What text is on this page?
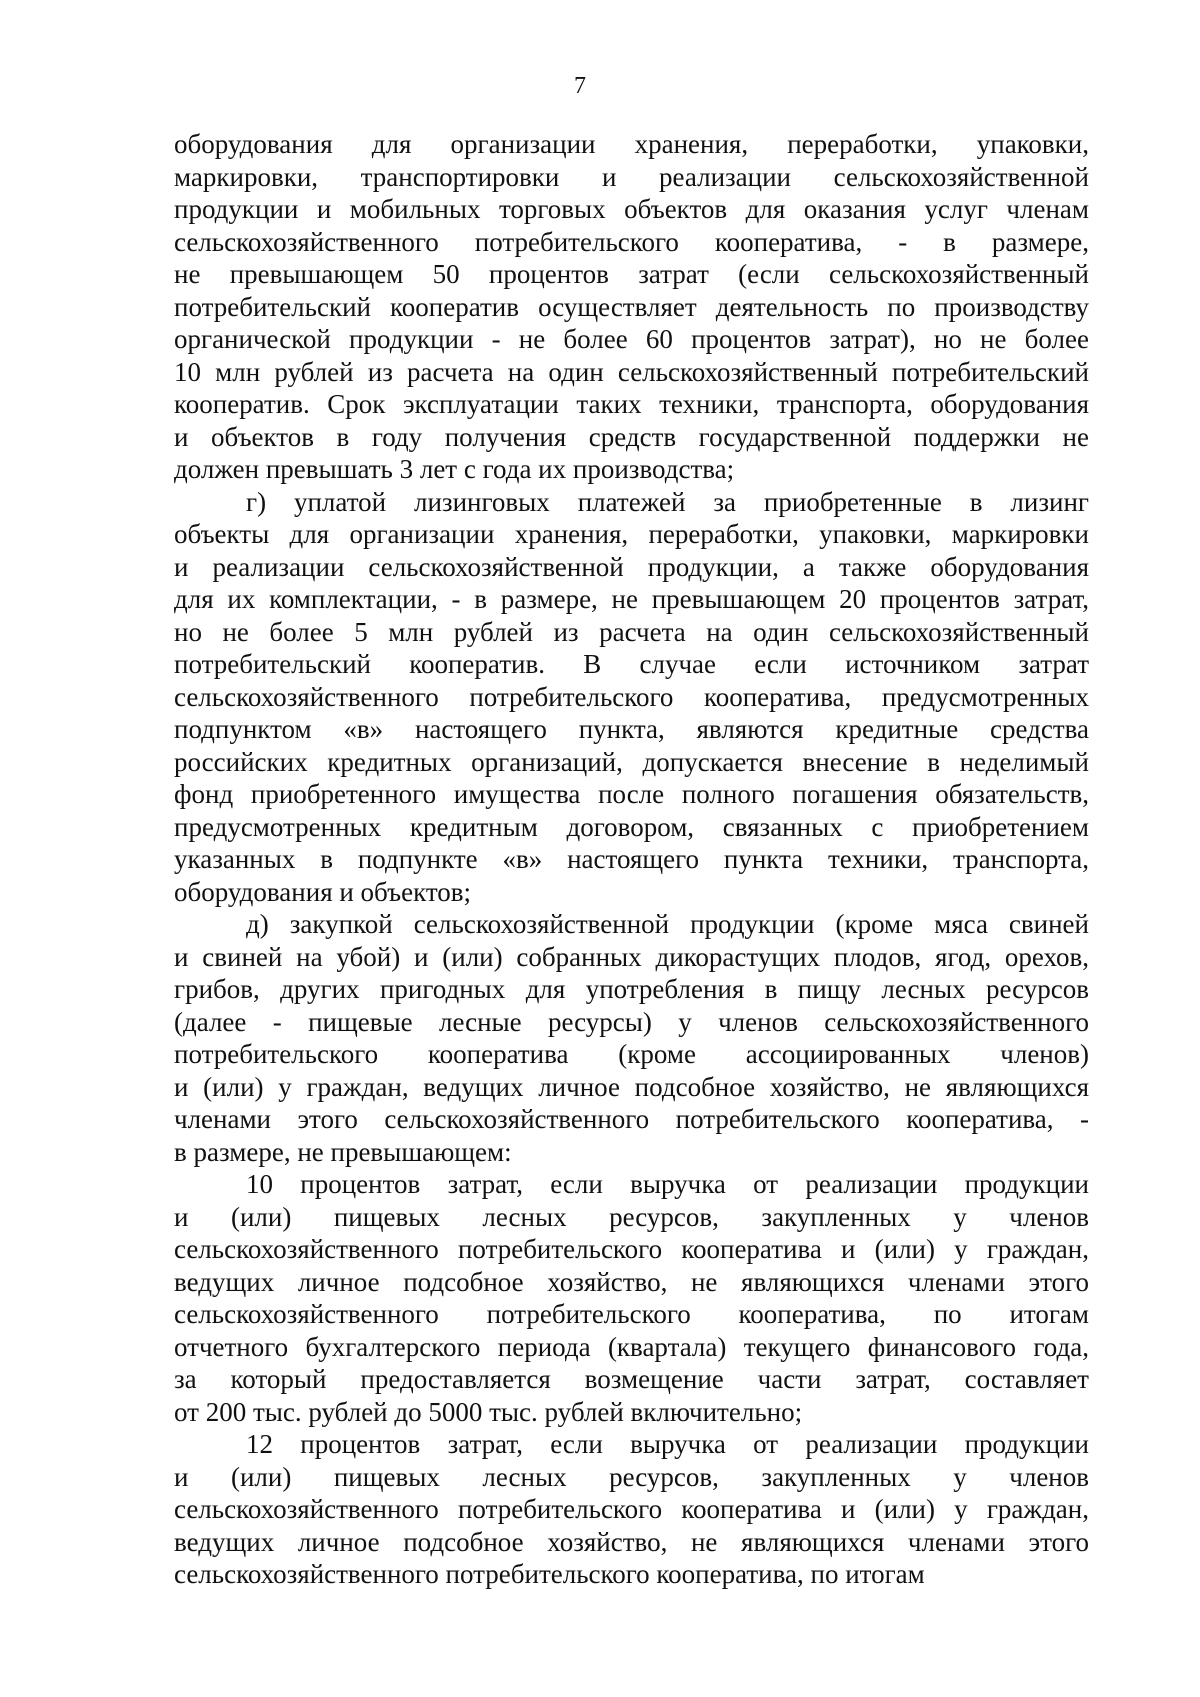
7
оборудования для организации хранения, переработки, упаковки,
маркировки, транспортировки и реализации сельскохозяйственной
продукции и мобильных торговых объектов для оказания услуг членам
сельскохозяйственного потребительского кооператива, - в размере,
не превышающем 50 процентов затрат (если сельскохозяйственный
потребительский кооператив осуществляет деятельность по производству
органической продукции - не более 60 процентов затрат), но не более
10 млн рублей из расчета на один сельскохозяйственный потребительский
кооператив. Срок эксплуатации таких техники, транспорта, оборудования
и объектов в году получения средств государственной поддержки не
должен превышать 3 лет с года их производства;
г) уплатой лизинговых платежей за приобретенные в лизинг
объекты для организации хранения, переработки, упаковки, маркировки
и реализации сельскохозяйственной продукции, а также оборудования
для их комплектации, - в размере, не превышающем 20 процентов затрат,
но не более 5 млн рублей из расчета на один сельскохозяйственный
потребительский кооператив. В случае если источником затрат
сельскохозяйственного потребительского кооператива, предусмотренных
подпунктом «в» настоящего пункта, являются кредитные средства
российских кредитных организаций, допускается внесение в неделимый
фонд приобретенного имущества после полного погашения обязательств,
предусмотренных кредитным договором, связанных с приобретением
указанных в подпункте «в» настоящего пункта техники, транспорта,
оборудования и объектов;
д) закупкой сельскохозяйственной продукции (кроме мяса свиней
и свиней на убой) и (или) собранных дикорастущих плодов, ягод, орехов,
грибов, других пригодных для употребления в пищу лесных ресурсов
(далее - пищевые лесные ресурсы) у членов сельскохозяйственного
потребительского кооператива (кроме ассоциированных членов)
и (или) у граждан, ведущих личное подсобное хозяйство, не являющихся
членами этого сельскохозяйственного потребительского кооператива, -
в размере, не превышающем:
10 процентов затрат, если выручка от реализации продукции
и (или) пищевых лесных ресурсов, закупленных у членов
сельскохозяйственного потребительского кооператива и (или) у граждан,
ведущих личное подсобное хозяйство, не являющихся членами этого
сельскохозяйственного потребительского кооператива, по итогам
отчетного бухгалтерского периода (квартала) текущего финансового года,
за который предоставляется возмещение части затрат, составляет
от 200 тыс. рублей до 5000 тыс. рублей включительно;
12 процентов затрат, если выручка от реализации продукции
и (или) пищевых лесных ресурсов, закупленных у членов
сельскохозяйственного потребительского кооператива и (или) у граждан,
ведущих личное подсобное хозяйство, не являющихся членами этого
сельскохозяйственного потребительского кооператива, по итогам
